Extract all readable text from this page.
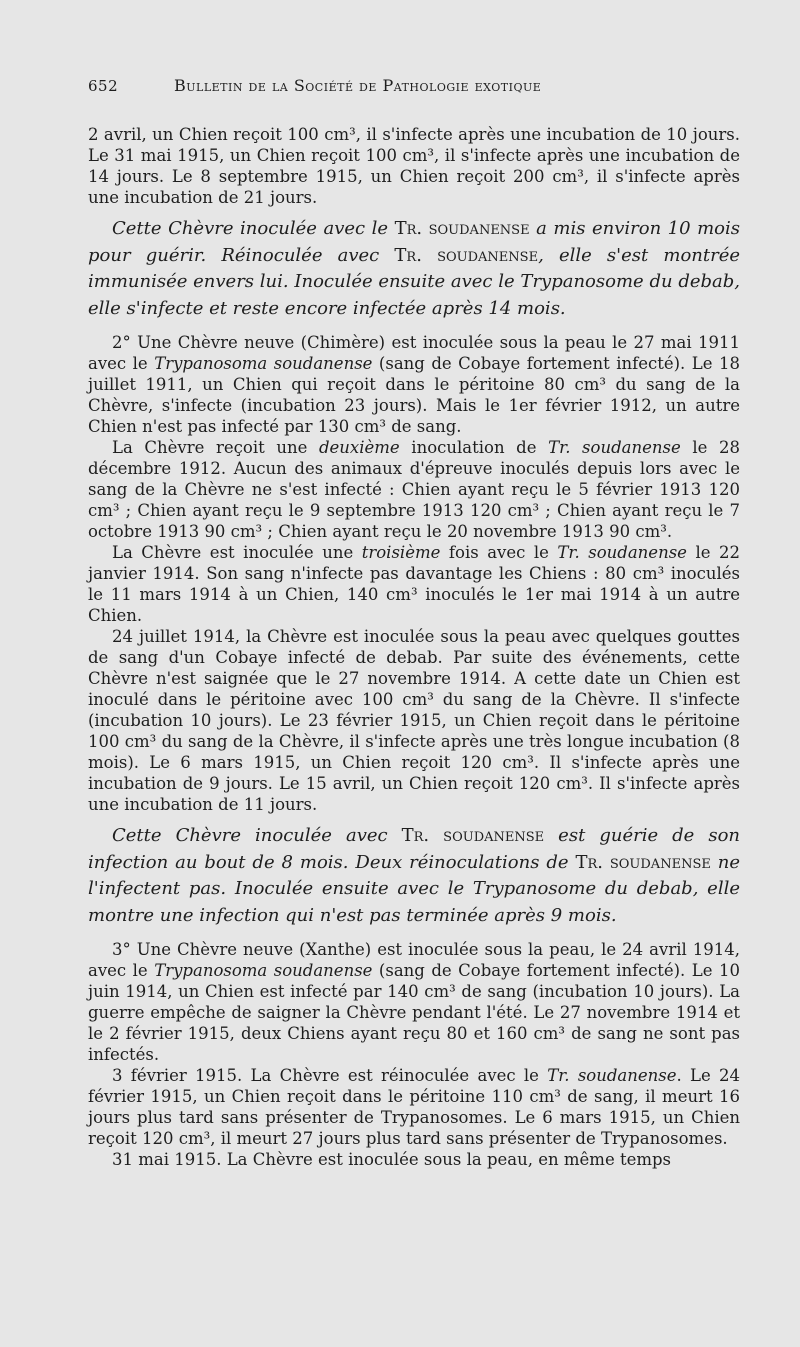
652	Bulletin de la Société de Pathologie exotique

2 avril, un Chien reçoit 100 cm³, il s'infecte après une incubation de 10 jours. Le 31 mai 1915, un Chien reçoit 100 cm³, il s'infecte après une incubation de 14 jours. Le 8 septembre 1915, un Chien reçoit 200 cm³, il s'infecte après une incubation de 21 jours.

Cette Chèvre inoculée avec le Tr. soudanense a mis environ 10 mois pour guérir. Réinoculée avec Tr. soudanense, elle s'est montrée immunisée envers lui. Inoculée ensuite avec le Trypanosome du debab, elle s'infecte et reste encore infectée après 14 mois.

2° Une Chèvre neuve (Chimère) est inoculée sous la peau le 27 mai 1911 avec le Trypanosoma soudanense (sang de Cobaye fortement infecté). Le 18 juillet 1911, un Chien qui reçoit dans le péritoine 80 cm³ du sang de la Chèvre, s'infecte (incubation 23 jours). Mais le 1er février 1912, un autre Chien n'est pas infecté par 130 cm³ de sang.

La Chèvre reçoit une deuxième inoculation de Tr. soudanense le 28 décembre 1912. Aucun des animaux d'épreuve inoculés depuis lors avec le sang de la Chèvre ne s'est infecté : Chien ayant reçu le 5 février 1913 120 cm³ ; Chien ayant reçu le 9 septembre 1913 120 cm³ ; Chien ayant reçu le 7 octobre 1913 90 cm³ ; Chien ayant reçu le 20 novembre 1913 90 cm³.

La Chèvre est inoculée une troisième fois avec le Tr. soudanense le 22 janvier 1914. Son sang n'infecte pas davantage les Chiens : 80 cm³ inoculés le 11 mars 1914 à un Chien, 140 cm³ inoculés le 1er mai 1914 à un autre Chien.

24 juillet 1914, la Chèvre est inoculée sous la peau avec quelques gouttes de sang d'un Cobaye infecté de debab. Par suite des événements, cette Chèvre n'est saignée que le 27 novembre 1914. A cette date un Chien est inoculé dans le péritoine avec 100 cm³ du sang de la Chèvre. Il s'infecte (incubation 10 jours). Le 23 février 1915, un Chien reçoit dans le péritoine 100 cm³ du sang de la Chèvre, il s'infecte après une très longue incubation (8 mois). Le 6 mars 1915, un Chien reçoit 120 cm³. Il s'infecte après une incubation de 9 jours. Le 15 avril, un Chien reçoit 120 cm³. Il s'infecte après une incubation de 11 jours.

Cette Chèvre inoculée avec Tr. soudanense est guérie de son infection au bout de 8 mois. Deux réinoculations de Tr. soudanense ne l'infectent pas. Inoculée ensuite avec le Trypanosome du debab, elle montre une infection qui n'est pas terminée après 9 mois.

3° Une Chèvre neuve (Xanthe) est inoculée sous la peau, le 24 avril 1914, avec le Trypanosoma soudanense (sang de Cobaye fortement infecté). Le 10 juin 1914, un Chien est infecté par 140 cm³ de sang (incubation 10 jours). La guerre empêche de saigner la Chèvre pendant l'été. Le 27 novembre 1914 et le 2 février 1915, deux Chiens ayant reçu 80 et 160 cm³ de sang ne sont pas infectés.

3 février 1915. La Chèvre est réinoculée avec le Tr. soudanense. Le 24 février 1915, un Chien reçoit dans le péritoine 110 cm³ de sang, il meurt 16 jours plus tard sans présenter de Trypanosomes. Le 6 mars 1915, un Chien reçoit 120 cm³, il meurt 27 jours plus tard sans présenter de Trypanosomes.

31 mai 1915. La Chèvre est inoculée sous la peau, en même temps
